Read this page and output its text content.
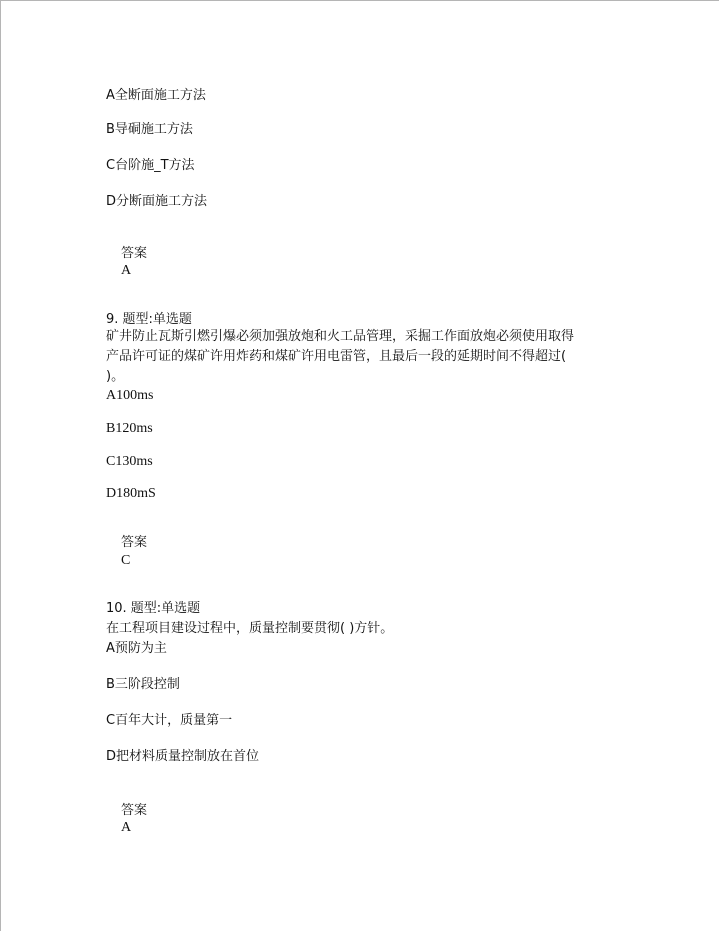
A全断面施工方法
B导硐施工方法
C台阶施_T方法
D分断面施工方法
答案
A
9. 题型:单选题
矿井防止瓦斯引燃引爆必须加强放炮和火工品管理，采掘工作面放炮必须使用取得
产品许可证的煤矿许用炸药和煤矿许用电雷管，且最后一段的延期时间不得超过(
)。
A100ms
B120ms
C130ms
D180mS
答案
C
10. 题型:单选题
在工程项目建设过程中，质量控制要贯彻( )方针。
A预防为主
B三阶段控制
C百年大计，质量第一
D把材料质量控制放在首位
答案
A
